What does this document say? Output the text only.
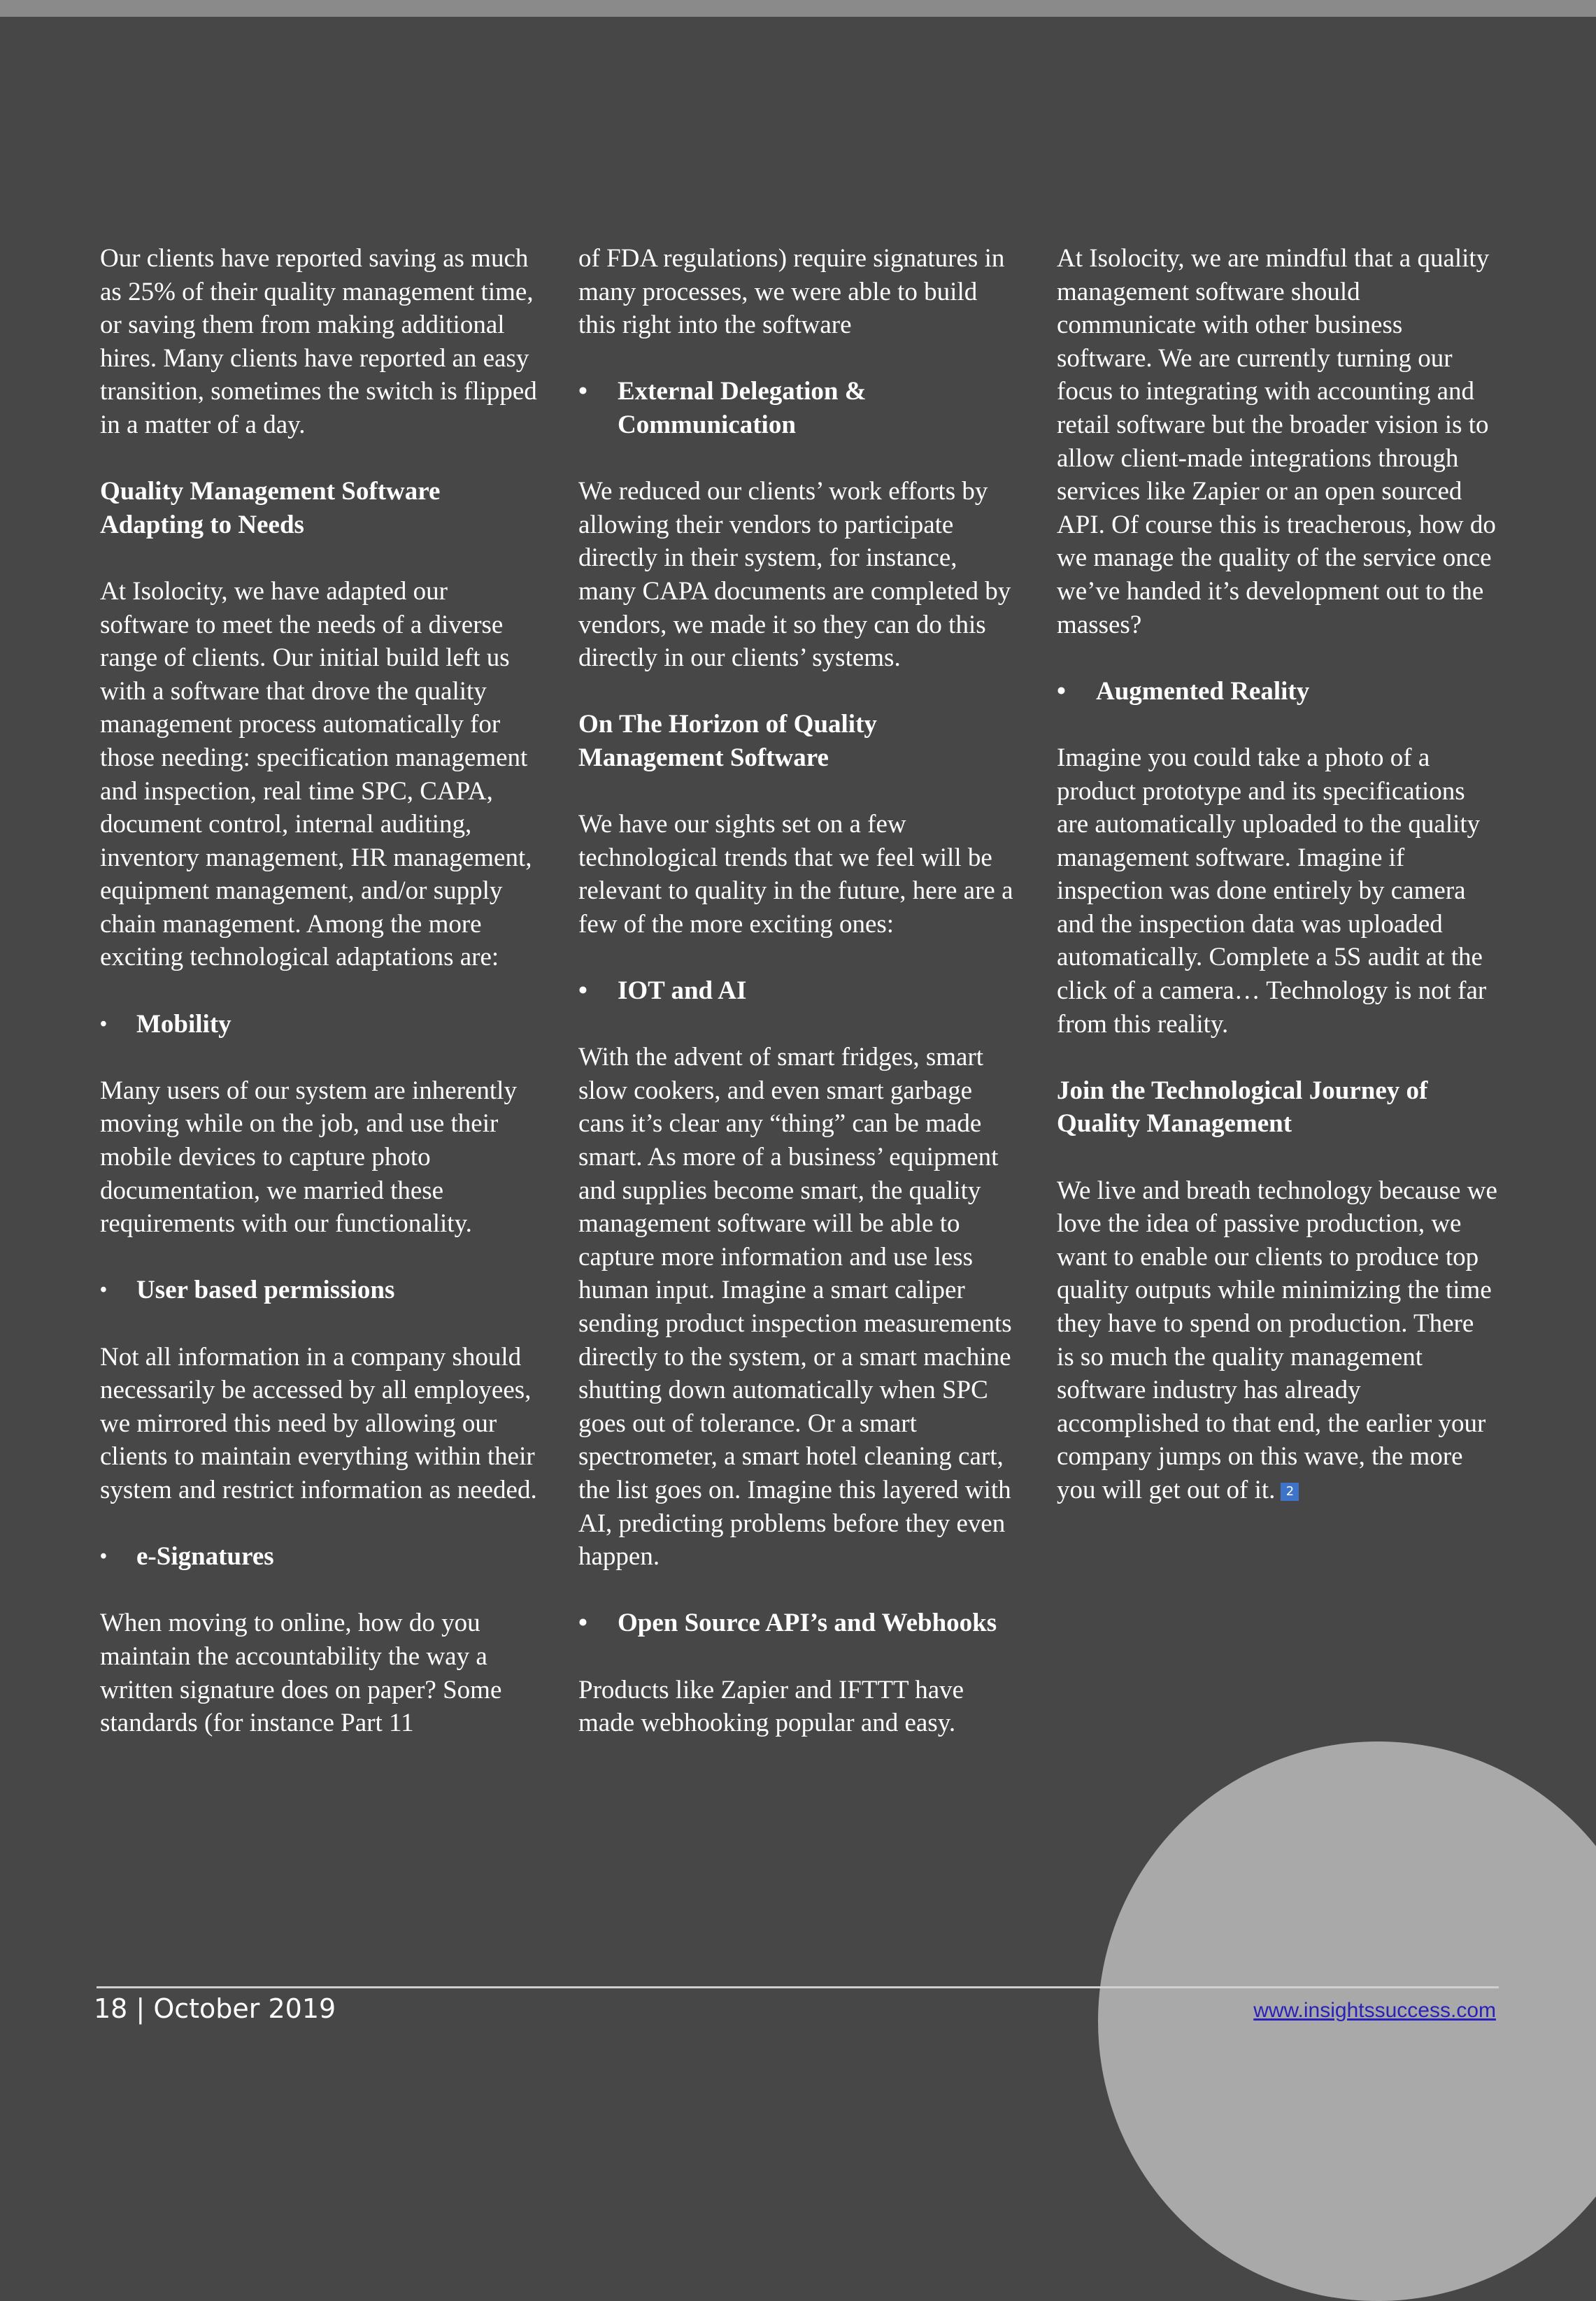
Our clients have reported saving as much as 25% of their quality management time, or saving them from making additional hires. Many clients have reported an easy transition, sometimes the switch is flipped in a matter of a day.

Quality Management Software Adapting to Needs

At Isolocity, we have adapted our software to meet the needs of a diverse range of clients. Our initial build left us with a software that drove the quality management process automatically for those needing: specification management and inspection, real time SPC, CAPA, document control, internal auditing, inventory management, HR management, equipment management, and/or supply chain management. Among the more exciting technological adaptations are:

•	Mobility

Many users of our system are inherently moving while on the job, and use their mobile devices to capture photo documentation, we married these requirements with our functionality.

•	User based permissions

Not all information in a company should necessarily be accessed by all employees, we mirrored this need by allowing our clients to maintain everything within their system and restrict information as needed.

•	e-Signatures

When moving to online, how do you maintain the accountability the way a written signature does on paper? Some standards (for instance Part 11

of FDA regulations) require signatures in many processes, we were able to build this right into the software

•	External Delegation & Communication

We reduced our clients’ work efforts by allowing their vendors to participate directly in their system, for instance, many CAPA documents are completed by vendors, we made it so they can do this directly in our clients’ systems.

On The Horizon of Quality Management Software

We have our sights set on a few technological trends that we feel will be relevant to quality in the future, here are a few of the more exciting ones:

•	IOT and AI

With the advent of smart fridges, smart slow cookers, and even smart garbage cans it’s clear any “thing” can be made smart. As more of a business’ equipment and supplies become smart, the quality management software will be able to capture more information and use less human input. Imagine a smart caliper sending product inspection measurements directly to the system, or a smart machine shutting down automatically when SPC goes out of tolerance. Or a smart spectrometer, a smart hotel cleaning cart, the list goes on. Imagine this layered with AI, predicting problems before they even happen.

•	Open Source API’s and Webhooks

Products like Zapier and IFTTT have made webhooking popular and easy.

At Isolocity, we are mindful that a quality management software should communicate with other business software. We are currently turning our focus to integrating with accounting and retail software but the broader vision is to allow client-made integrations through services like Zapier or an open sourced API. Of course this is treacherous, how do we manage the quality of the service once we’ve handed it’s development out to the masses?

•	Augmented Reality

Imagine you could take a photo of a product prototype and its specifications are automatically uploaded to the quality management software. Imagine if inspection was done entirely by camera and the inspection data was uploaded automatically. Complete a 5S audit at the click of a camera… Technology is not far from this reality.

Join the Technological Journey of Quality Management

We live and breath technology because we love the idea of passive production, we want to enable our clients to produce top quality outputs while minimizing the time they have to spend on production. There is so much the quality management software industry has already accomplished to that end, the earlier your company jumps on this wave, the more you will get out of it. 2

18 | October 2019	www.insightssuccess.com
